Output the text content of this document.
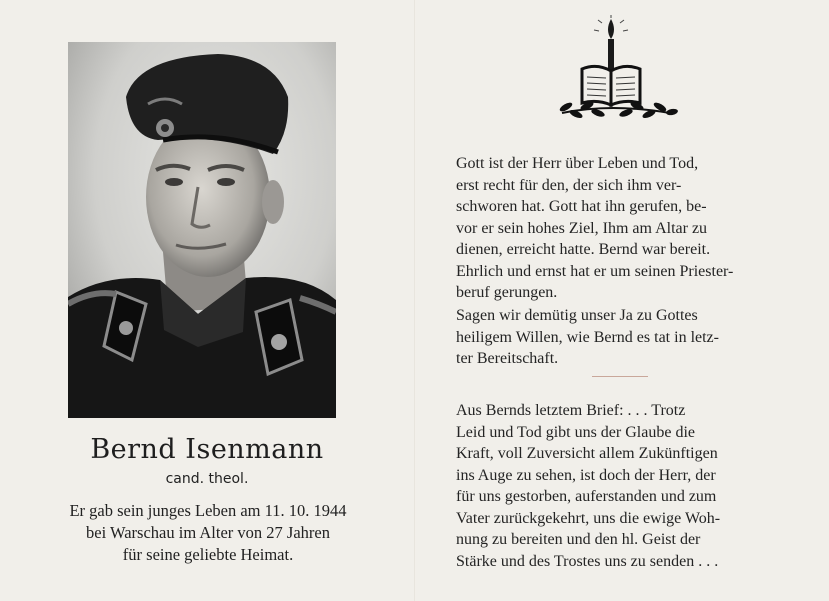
Bernd Isenmann
cand. theol.
Er gab sein junges Leben am 11. 10. 1944
bei Warschau im Alter von 27 Jahren
für seine geliebte Heimat.
Gott ist der Herr über Leben und Tod,
erst recht für den, der sich ihm ver-
schworen hat. Gott hat ihn gerufen, be-
vor er sein hohes Ziel, Ihm am Altar zu
dienen, erreicht hatte. Bernd war bereit.
Ehrlich und ernst hat er um seinen Priester-
beruf gerungen.
Sagen wir demütig unser Ja zu Gottes
heiligem Willen, wie Bernd es tat in letz-
ter Bereitschaft.
Aus Bernds letztem Brief: . . . Trotz
Leid und Tod gibt uns der Glaube die
Kraft, voll Zuversicht allem Zukünftigen
ins Auge zu sehen, ist doch der Herr, der
für uns gestorben, auferstanden und zum
Vater zurückgekehrt, uns die ewige Woh-
nung zu bereiten und den hl. Geist der
Stärke und des Trostes uns zu senden . . .
